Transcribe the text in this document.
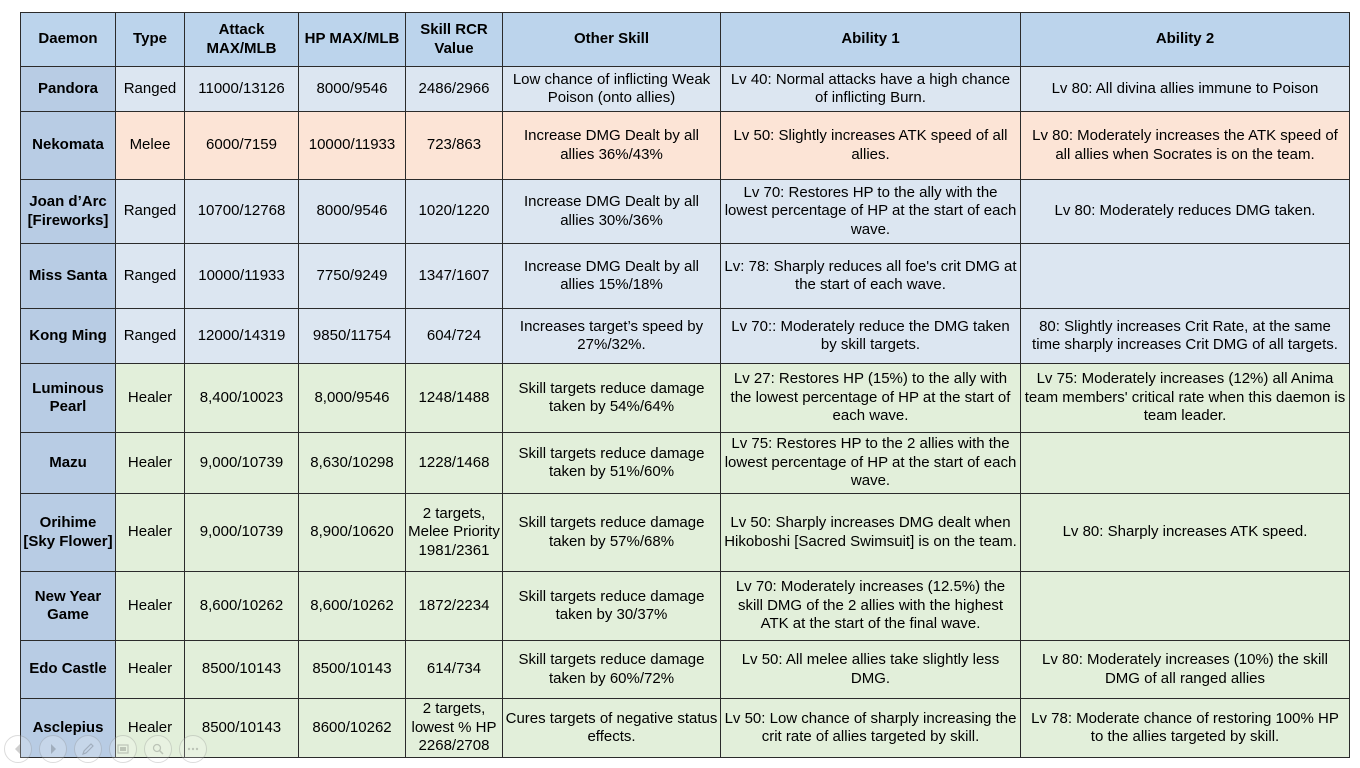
Daemon	Type	Attack MAX/MLB	HP MAX/MLB	Skill RCR Value	Other Skill	Ability 1	Ability 2
Pandora	Ranged	11000/13126	8000/9546	2486/2966	Low chance of inflicting Weak Poison (onto allies)	Lv 40: Normal attacks have a high chance of inflicting Burn.	Lv 80: All divina allies immune to Poison
Nekomata	Melee	6000/7159	10000/11933	723/863	Increase DMG Dealt by all allies 36%/43%	Lv 50: Slightly increases ATK speed of all allies.	Lv 80: Moderately increases the ATK speed of all allies when Socrates is on the team.
Joan d’Arc [Fireworks]	Ranged	10700/12768	8000/9546	1020/1220	Increase DMG Dealt by all allies 30%/36%	Lv 70: Restores HP to the ally with the lowest percentage of HP at the start of each wave.	Lv 80: Moderately reduces DMG taken.
Miss Santa	Ranged	10000/11933	7750/9249	1347/1607	Increase DMG Dealt by all allies 15%/18%	Lv: 78: Sharply reduces all foe's crit DMG at the start of each wave.	
Kong Ming	Ranged	12000/14319	9850/11754	604/724	Increases target’s speed by 27%/32%.	Lv 70:: Moderately reduce the DMG taken by skill targets.	80: Slightly increases Crit Rate, at the same time sharply increases Crit DMG of all targets.
Luminous Pearl	Healer	8,400/10023	8,000/9546	1248/1488	Skill targets reduce damage taken by 54%/64%	Lv 27: Restores HP (15%) to the ally with the lowest percentage of HP at the start of each wave.	Lv 75: Moderately increases (12%) all Anima team members' critical rate when this daemon is team leader.
Mazu	Healer	9,000/10739	8,630/10298	1228/1468	Skill targets reduce damage taken by 51%/60%	Lv 75: Restores HP to the 2 allies with the lowest percentage of HP at the start of each wave.	
Orihime [Sky Flower]	Healer	9,000/10739	8,900/10620	2 targets, Melee Priority 1981/2361	Skill targets reduce damage taken by 57%/68%	Lv 50: Sharply increases DMG dealt when Hikoboshi [Sacred Swimsuit] is on the team.	Lv 80: Sharply increases ATK speed.
New Year Game	Healer	8,600/10262	8,600/10262	1872/2234	Skill targets reduce damage taken by 30/37%	Lv 70: Moderately increases (12.5%) the skill DMG of the 2 allies with the highest ATK at the start of the final wave.	
Edo Castle	Healer	8500/10143	8500/10143	614/734	Skill targets reduce damage taken by 60%/72%	Lv 50: All melee allies take slightly less DMG.	Lv 80: Moderately increases (10%) the skill DMG of all ranged allies
Asclepius	Healer	8500/10143	8600/10262	2 targets, lowest % HP 2268/2708	Cures targets of negative status effects.	Lv 50: Low chance of sharply increasing the crit rate of allies targeted by skill.	Lv 78: Moderate chance of restoring 100% HP to the allies targeted by skill.
